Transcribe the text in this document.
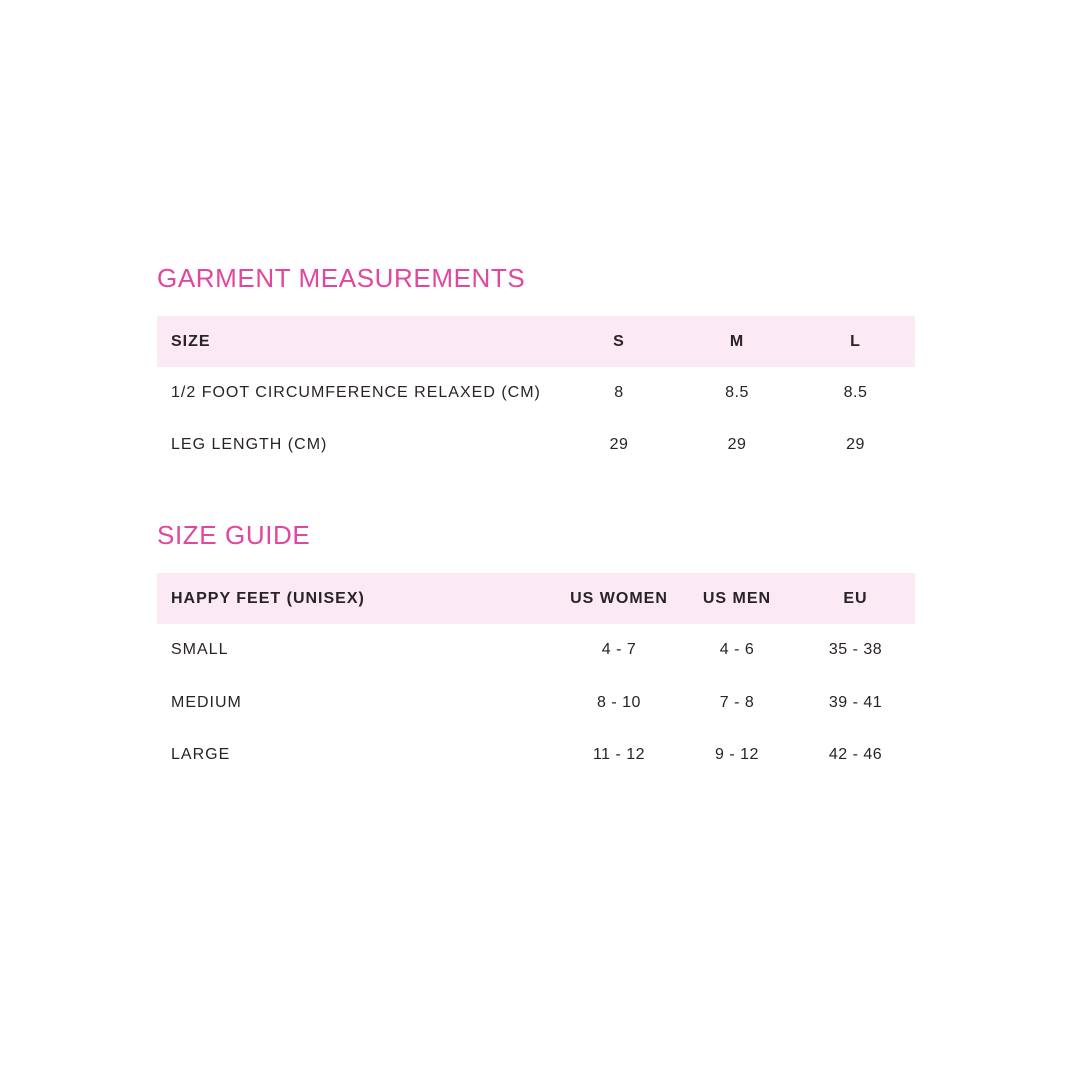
GARMENT MEASUREMENTS
SIZE	S	M	L
1/2 FOOT CIRCUMFERENCE RELAXED (CM)	8	8.5	8.5
LEG LENGTH (CM)	29	29	29
SIZE GUIDE
HAPPY FEET (UNISEX)	US WOMEN	US MEN	EU
SMALL	4 - 7	4 - 6	35 - 38
MEDIUM	8 - 10	7 - 8	39 - 41
LARGE	11 - 12	9 - 12	42 - 46
